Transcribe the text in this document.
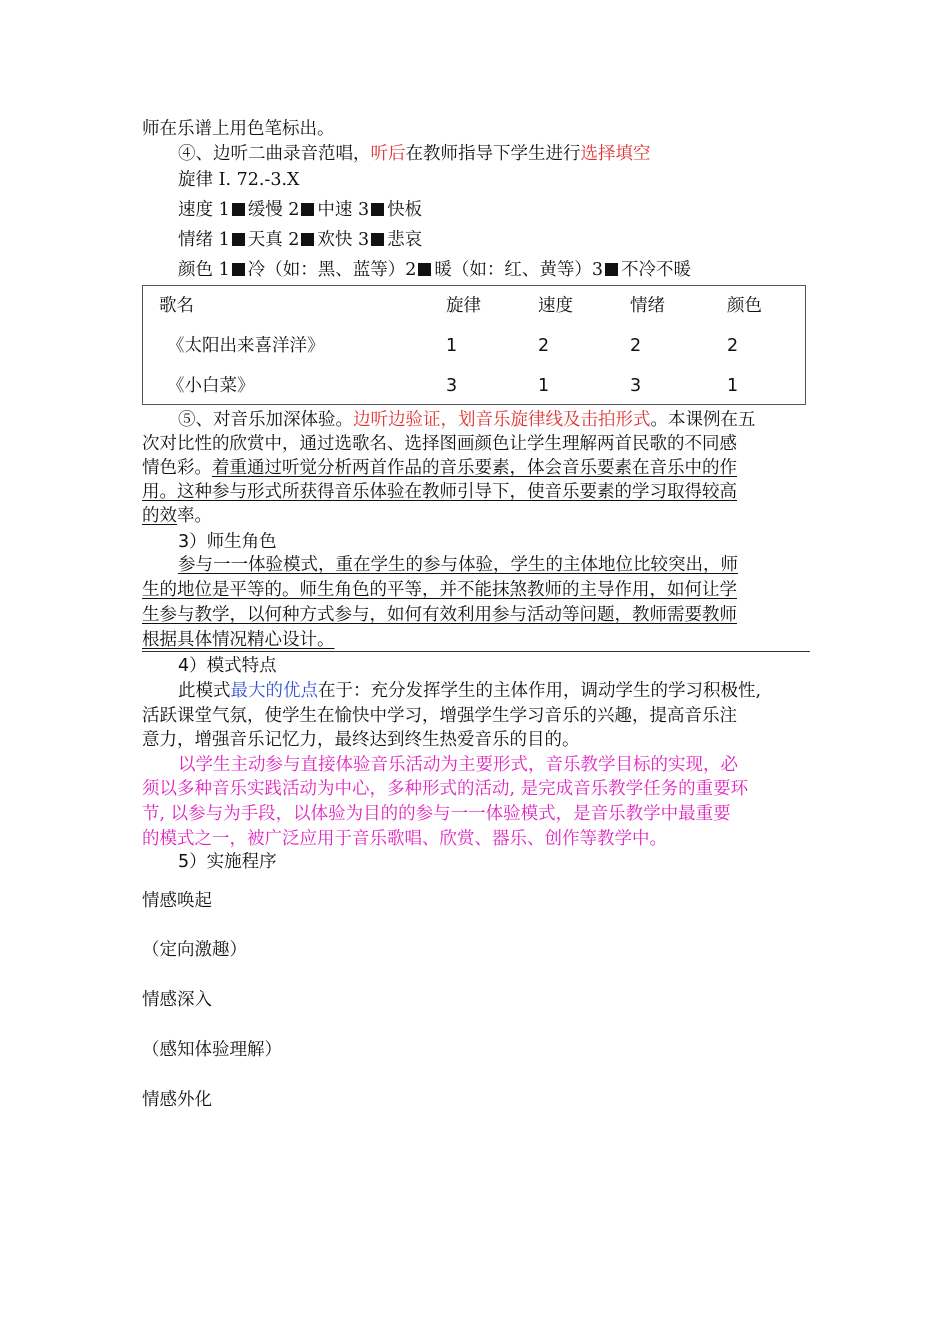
师在乐谱上用色笔标出。
④、边听二曲录音范唱，听后在教师指导下学生进行选择填空
旋律 I. 72.-3.X
速度 1 缓慢 2 中速 3 快板
情绪 1 天真 2 欢快 3 悲哀
颜色 1 冷（如：黑、蓝等）2 暖（如：红、黄等）3 不冷不暖
歌名	旋律	速度	情绪	颜色
《太阳出来喜洋洋》	1	2	2	2
《小白菜》	3	1	3	1
⑤、对音乐加深体验。边听边验证，划音乐旋律线及击拍形式。本课例在五
次对比性的欣赏中，通过选歌名、选择图画颜色让学生理解两首民歌的不同感
情色彩。着重通过听觉分析两首作品的音乐要素，体会音乐要素在音乐中的作
用。这种参与形式所获得音乐体验在教师引导下，使音乐要素的学习取得较高
的效率。
3）师生角色
参与一一体验模式，重在学生的参与体验，学生的主体地位比较突出，师
生的地位是平等的。师生角色的平等，并不能抹煞教师的主导作用，如何让学
生参与教学，以何种方式参与，如何有效利用参与活动等问题，教师需要教师
根据具体情况精心设计。
4）模式特点
此模式最大的优点在于：充分发挥学生的主体作用，调动学生的学习积极性,
活跃课堂气氛，使学生在愉快中学习，增强学生学习音乐的兴趣，提高音乐注
意力，增强音乐记忆力，最终达到终生热爱音乐的目的。
以学生主动参与直接体验音乐活动为主要形式，音乐教学目标的实现，必
须以多种音乐实践活动为中心，多种形式的活动, 是完成音乐教学任务的重要环
节, 以参与为手段，以体验为目的的参与一一体验模式，是音乐教学中最重要
的模式之一，被广泛应用于音乐歌唱、欣赏、器乐、创作等教学中。
5）实施程序
情感唤起
（定向激趣）
情感深入
（感知体验理解）
情感外化
